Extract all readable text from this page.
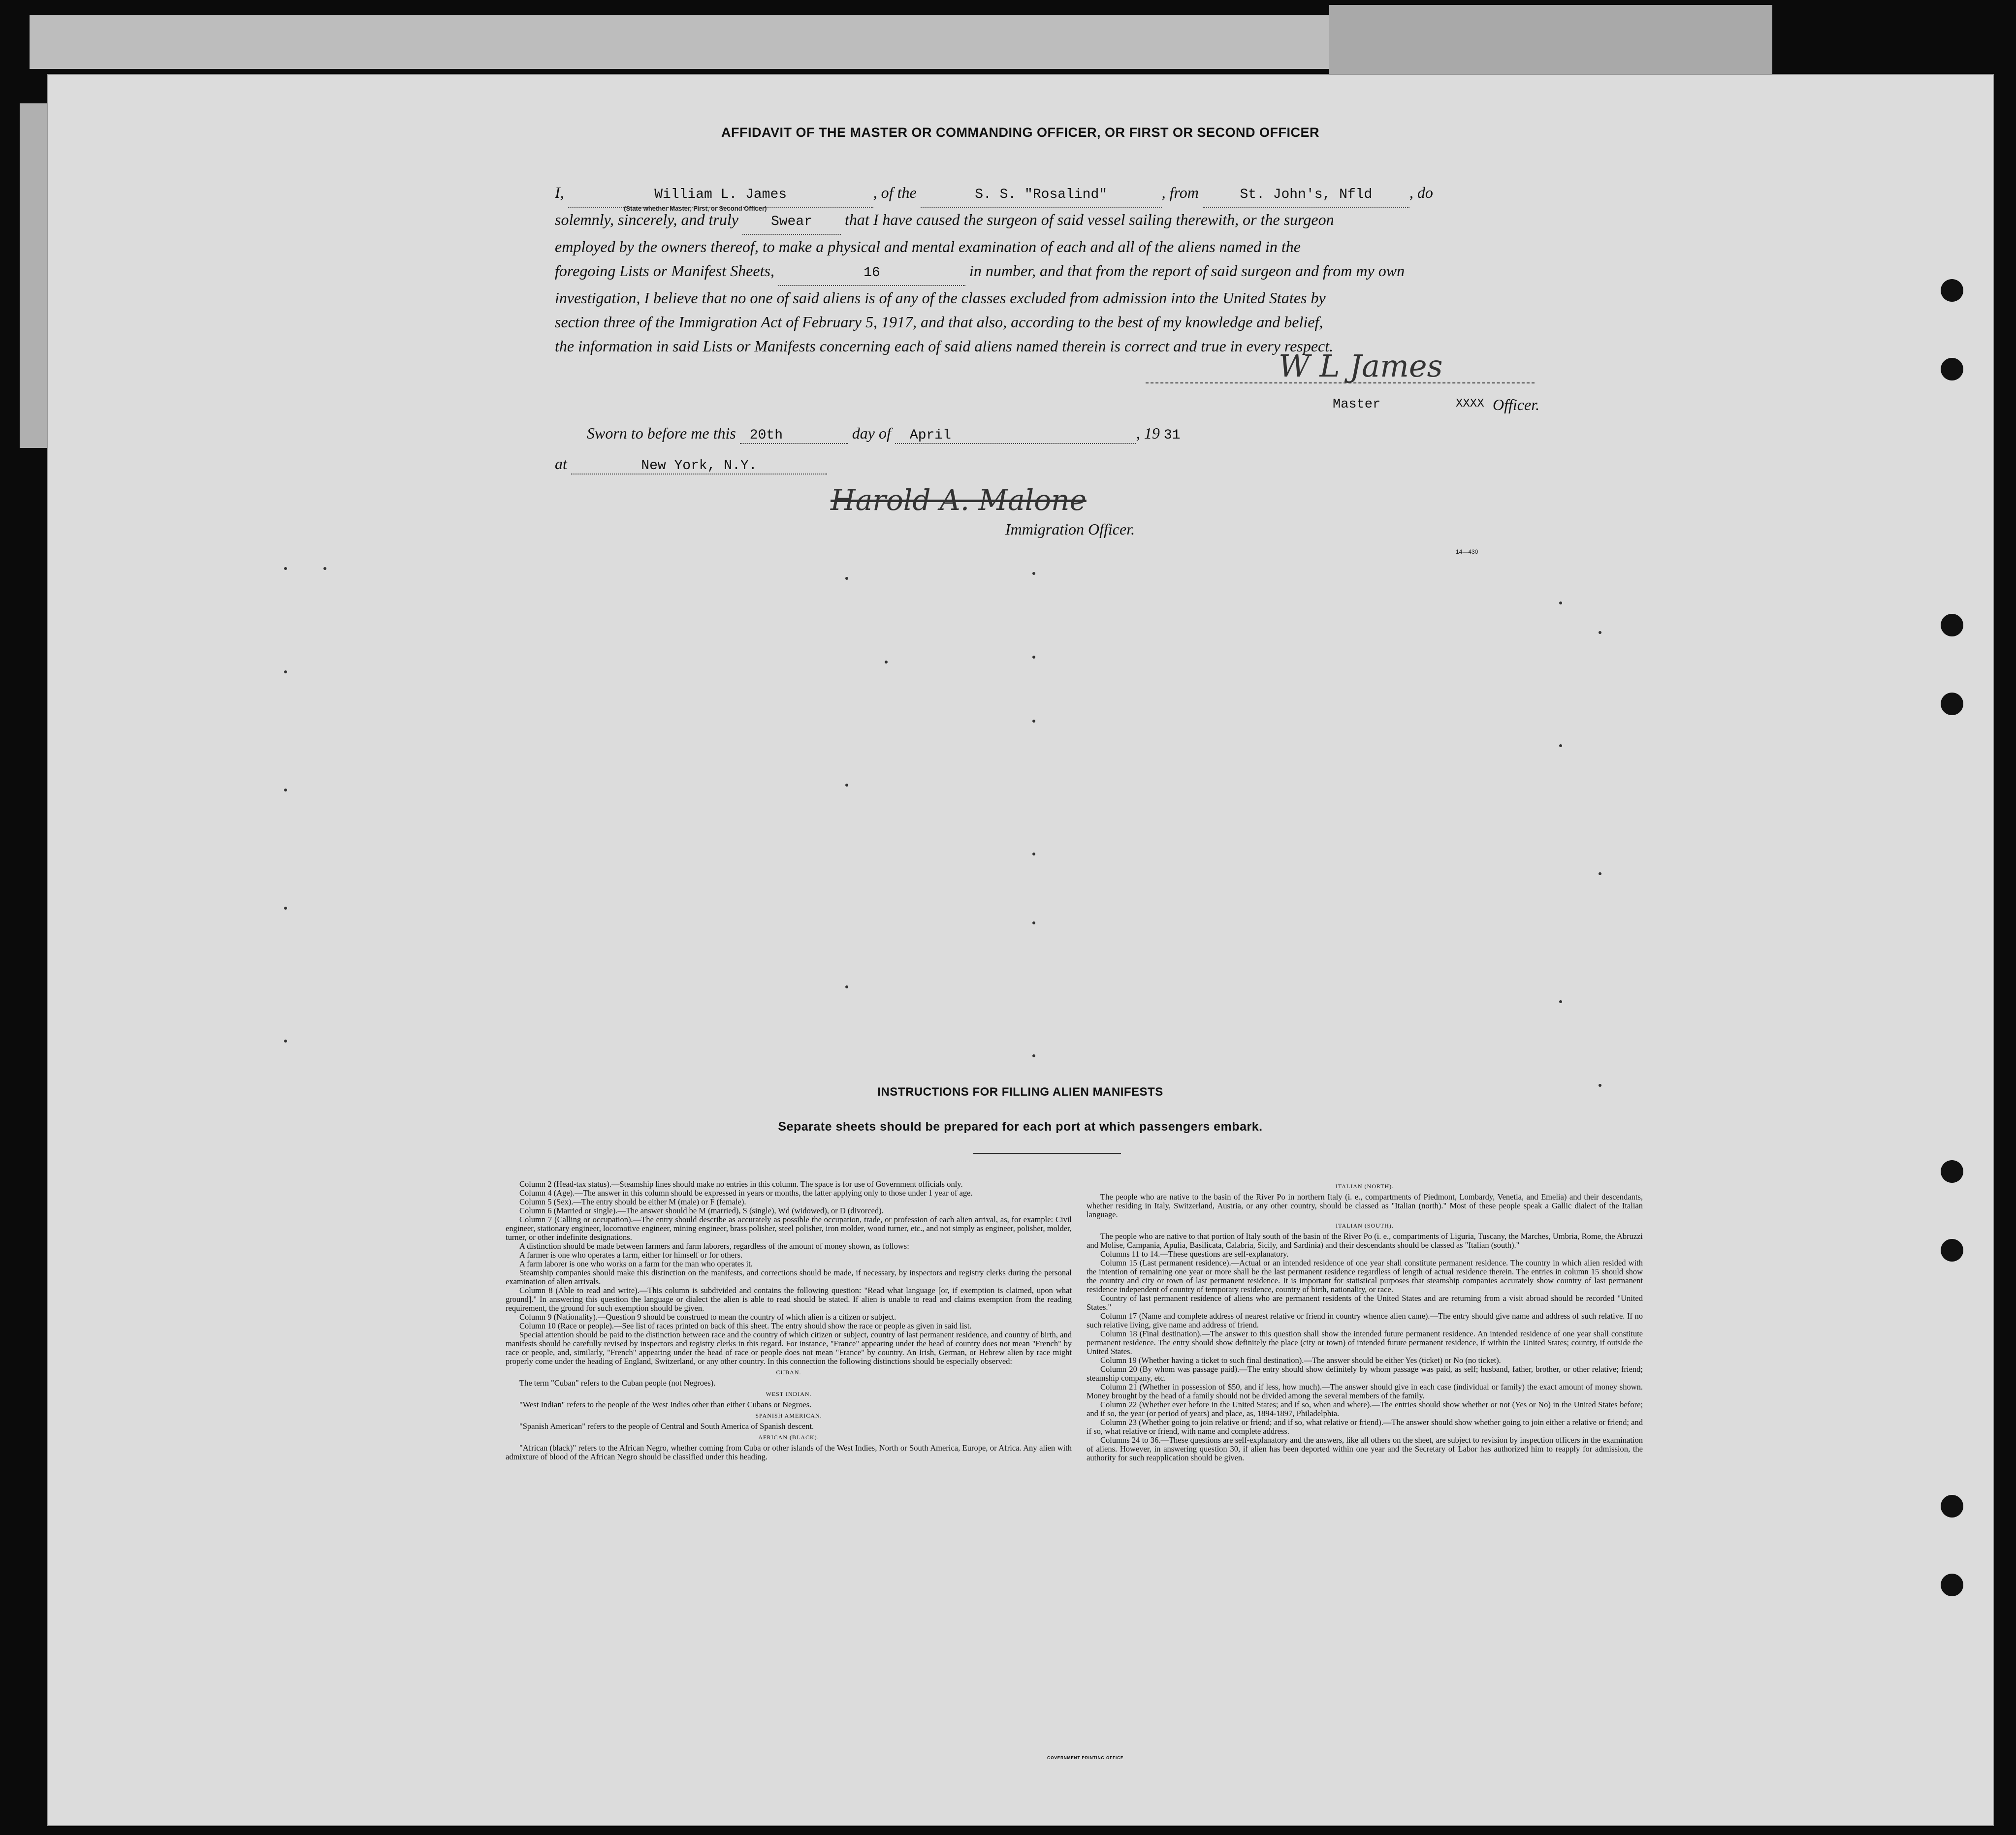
AFFIDAVIT OF THE MASTER OR COMMANDING OFFICER, OR FIRST OR SECOND OFFICER

I,	William L. James	, of the	S. S. "Rosalind"	, from	St. John's, Nfld , do

solemnly, sincerely, and truly Swear that I have caused the surgeon of said vessel sailing therewith, or the surgeon

employed by the owners thereof, to make a physical and mental examination of each and all of the aliens named in the

foregoing Lists or Manifest Sheets,	16	in number, and that from the report of said surgeon and from my own

investigation, I believe that no one of said aliens is of any of the classes excluded from admission into the United States by

section three of the Immigration Act of February 5, 1917, and that also, according to the best of my knowledge and belief,

the information in said Lists or Manifests concerning each of said aliens named therein is correct and true in every respect.

(State whether Master, First, or Second Officer)
W L James
Master	XXXX Officer.
Sworn to before me this 20th	day of April	, 19 31
at	New York, N.Y.
Harold A. Malone
Immigration Officer.
14—430
INSTRUCTIONS FOR FILLING ALIEN MANIFESTS
Separate sheets should be prepared for each port at which passengers embark.

Column 2 (Head-tax status).—Steamship lines should make no entries in this column. The space is for use of Government officials only.

Column 4 (Age).—The answer in this column should be expressed in years or months, the latter applying only to those under 1 year of age.

Column 5 (Sex).—The entry should be either M (male) or F (female).

Column 6 (Married or single).—The answer should be M (married), S (single), Wd (widowed), or D (divorced).

Column 7 (Calling or occupation).—The entry should describe as accurately as possible the occupation, trade, or profession of each alien arrival, as, for example: Civil engineer, stationary engineer, locomotive engineer, mining engineer, brass polisher, steel polisher, iron molder, wood turner, etc., and not simply as engineer, polisher, molder, turner, or other indefinite designations.

A distinction should be made between farmers and farm laborers, regardless of the amount of money shown, as follows:

A farmer is one who operates a farm, either for himself or for others.

A farm laborer is one who works on a farm for the man who operates it.

Steamship companies should make this distinction on the manifests, and corrections should be made, if necessary, by inspectors and registry clerks during the personal examination of alien arrivals.

Column 8 (Able to read and write).—This column is subdivided and contains the following question: "Read what language [or, if exemption is claimed, upon what ground]." In answering this question the language or dialect the alien is able to read should be stated. If alien is unable to read and claims exemption from the reading requirement, the ground for such exemption should be given.

Column 9 (Nationality).—Question 9 should be construed to mean the country of which alien is a citizen or subject.

Column 10 (Race or people).—See list of races printed on back of this sheet. The entry should show the race or people as given in said list.

Special attention should be paid to the distinction between race and the country of which citizen or subject, country of last permanent residence, and country of birth, and manifests should be carefully revised by inspectors and registry clerks in this regard. For instance, "France" appearing under the head of country does not mean "French" by race or people, and, similarly, "French" appearing under the head of race or people does not mean "France" by country. An Irish, German, or Hebrew alien by race might properly come under the heading of England, Switzerland, or any other country. In this connection the following distinctions should be especially observed:

CUBAN.

The term "Cuban" refers to the Cuban people (not Negroes).

WEST INDIAN.

"West Indian" refers to the people of the West Indies other than either Cubans or Negroes.

SPANISH AMERICAN.

"Spanish American" refers to the people of Central and South America of Spanish descent.

AFRICAN (BLACK).

"African (black)" refers to the African Negro, whether coming from Cuba or other islands of the West Indies, North or South America, Europe, or Africa. Any alien with admixture of blood of the African Negro should be classified under this heading.

ITALIAN (NORTH).

The people who are native to the basin of the River Po in northern Italy (i. e., compartments of Piedmont, Lombardy, Venetia, and Emelia) and their descendants, whether residing in Italy, Switzerland, Austria, or any other country, should be classed as "Italian (north)." Most of these people speak a Gallic dialect of the Italian language.

ITALIAN (SOUTH).

The people who are native to that portion of Italy south of the basin of the River Po (i. e., compartments of Liguria, Tuscany, the Marches, Umbria, Rome, the Abruzzi and Molise, Campania, Apulia, Basilicata, Calabria, Sicily, and Sardinia) and their descendants should be classed as "Italian (south)."

Columns 11 to 14.—These questions are self-explanatory.

Column 15 (Last permanent residence).—Actual or an intended residence of one year shall constitute permanent residence. The country in which alien resided with the intention of remaining one year or more shall be the last permanent residence regardless of length of actual residence therein. The entries in column 15 should show the country and city or town of last permanent residence. It is important for statistical purposes that steamship companies accurately show country of last permanent residence independent of country of temporary residence, country of birth, nationality, or race.

Country of last permanent residence of aliens who are permanent residents of the United States and are returning from a visit abroad should be recorded "United States."

Column 17 (Name and complete address of nearest relative or friend in country whence alien came).—The entry should give name and address of such relative. If no such relative living, give name and address of friend.

Column 18 (Final destination).—The answer to this question shall show the intended future permanent residence. An intended residence of one year shall constitute permanent residence. The entry should show definitely the place (city or town) of intended future permanent residence, if within the United States; country, if outside the United States.

Column 19 (Whether having a ticket to such final destination).—The answer should be either Yes (ticket) or No (no ticket).

Column 20 (By whom was passage paid).—The entry should show definitely by whom passage was paid, as self; husband, father, brother, or other relative; friend; steamship company, etc.

Column 21 (Whether in possession of $50, and if less, how much).—The answer should give in each case (individual or family) the exact amount of money shown. Money brought by the head of a family should not be divided among the several members of the family.

Column 22 (Whether ever before in the United States; and if so, when and where).—The entries should show whether or not (Yes or No) in the United States before; and if so, the year (or period of years) and place, as, 1894-1897, Philadelphia.

Column 23 (Whether going to join relative or friend; and if so, what relative or friend).—The answer should show whether going to join either a relative or friend; and if so, what relative or friend, with name and complete address.

Columns 24 to 36.—These questions are self-explanatory and the answers, like all others on the sheet, are subject to revision by inspection officers in the examination of aliens. However, in answering question 30, if alien has been deported within one year and the Secretary of Labor has authorized him to reapply for admission, the authority for such reapplication should be given.

GOVERNMENT PRINTING OFFICE
